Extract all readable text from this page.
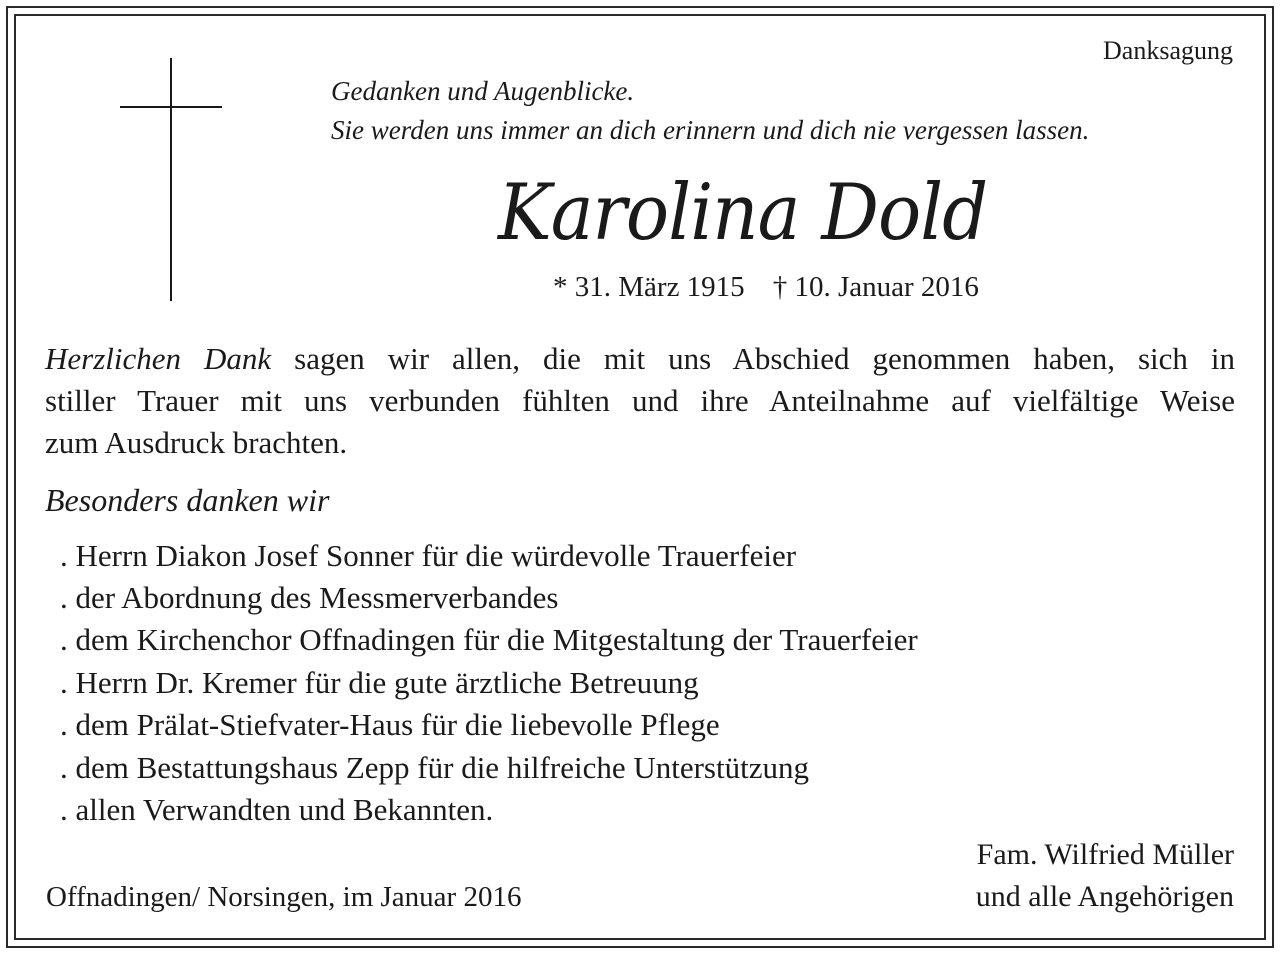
Danksagung
Gedanken und Augenblicke.
Sie werden uns immer an dich erinnern und dich nie vergessen lassen.
Karolina Dold
* 31. März 1915 † 10. Januar 2016
Herzlichen Dank sagen wir allen, die mit uns Abschied genommen haben, sich in
stiller Trauer mit uns verbunden fühlten und ihre Anteilnahme auf vielfältige Weise
zum Ausdruck brachten.
Besonders danken wir
. Herrn Diakon Josef Sonner für die würdevolle Trauerfeier
. der Abordnung des Messmerverbandes
. dem Kirchenchor Offnadingen für die Mitgestaltung der Trauerfeier
. Herrn Dr. Kremer für die gute ärztliche Betreuung
. dem Prälat-Stiefvater-Haus für die liebevolle Pflege
. dem Bestattungshaus Zepp für die hilfreiche Unterstützung
. allen Verwandten und Bekannten.
Fam. Wilfried Müller
und alle Angehörigen
Offnadingen/ Norsingen, im Januar 2016
